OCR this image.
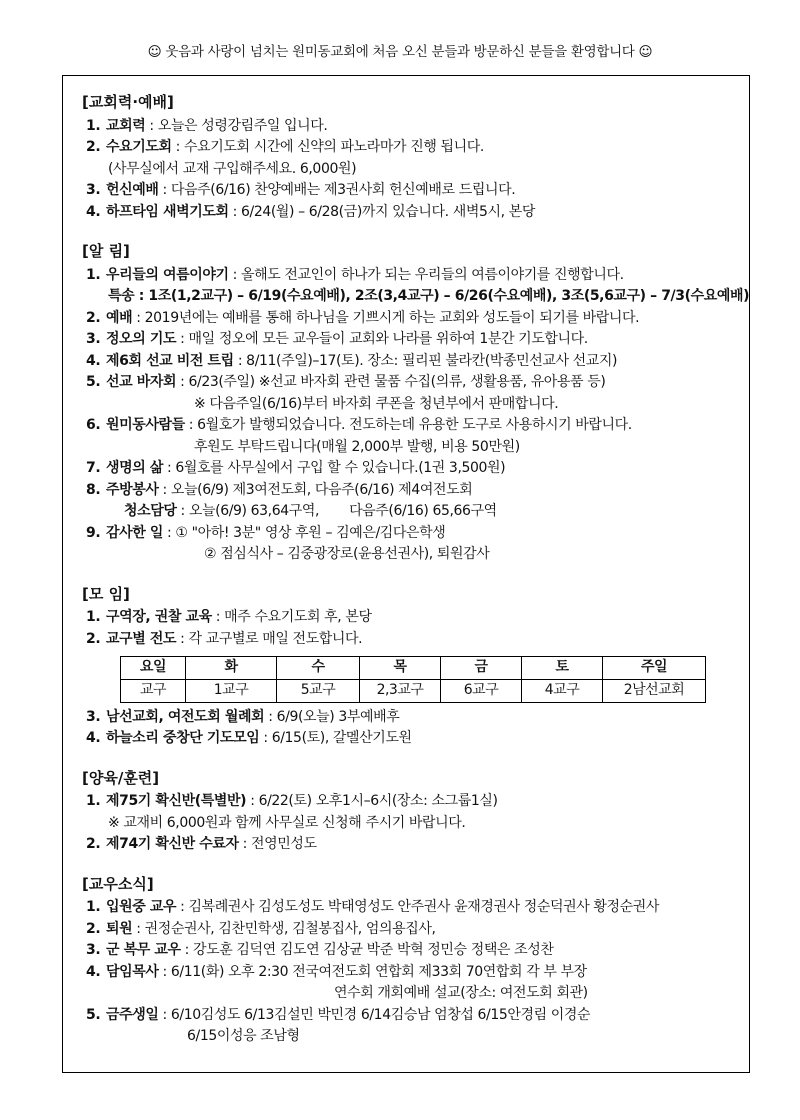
☺ 웃음과 사랑이 넘치는 원미동교회에 처음 오신 분들과 방문하신 분들을 환영합니다 ☺
[교회력·예배]
1. 교회력 : 오늘은 성령강림주일 입니다.
2. 수요기도회 : 수요기도회 시간에 신약의 파노라마가 진행 됩니다.
(사무실에서 교재 구입해주세요. 6,000원)
3. 헌신예배 : 다음주(6/16) 찬양예배는 제3권사회 헌신예배로 드립니다.
4. 하프타임 새벽기도회 : 6/24(월) – 6/28(금)까지 있습니다. 새벽5시, 본당
[알 림]
1. 우리들의 여름이야기 : 올해도 전교인이 하나가 되는 우리들의 여름이야기를 진행합니다.
특송 : 1조(1,2교구) – 6/19(수요예배), 2조(3,4교구) – 6/26(수요예배), 3조(5,6교구) – 7/3(수요예배)
2. 예배 : 2019년에는 예배를 통해 하나님을 기쁘시게 하는 교회와 성도들이 되기를 바랍니다.
3. 정오의 기도 : 매일 정오에 모든 교우들이 교회와 나라를 위하여 1분간 기도합니다.
4. 제6회 선교 비전 트립 : 8/11(주일)–17(토). 장소: 필리핀 불라칸(박종민선교사 선교지)
5. 선교 바자회 : 6/23(주일) ※선교 바자회 관련 물품 수집(의류, 생활용품, 유아용품 등)
※ 다음주일(6/16)부터 바자회 쿠폰을 청년부에서 판매합니다.
6. 원미동사람들 : 6월호가 발행되었습니다. 전도하는데 유용한 도구로 사용하시기 바랍니다.
후원도 부탁드립니다(매월 2,000부 발행, 비용 50만원)
7. 생명의 삶 : 6월호를 사무실에서 구입 할 수 있습니다.(1권 3,500원)
8. 주방봉사 : 오늘(6/9) 제3여전도회, 다음주(6/16) 제4여전도회
청소담당 : 오늘(6/9) 63,64구역, 다음주(6/16) 65,66구역
9. 감사한 일 : ① "아하! 3분" 영상 후원 – 김예은/김다은학생
② 점심식사 – 김중광장로(윤용선권사), 퇴원감사
[모 임]
1. 구역장, 권찰 교육 : 매주 수요기도회 후, 본당
2. 교구별 전도 : 각 교구별로 매일 전도합니다.
요일	화	수	목	금	토	주일
교구	1교구	5교구	2,3교구	6교구	4교구	2남선교회
3. 남선교회, 여전도회 월례회 : 6/9(오늘) 3부예배후
4. 하늘소리 중창단 기도모임 : 6/15(토), 갈멜산기도원
[양육/훈련]
1. 제75기 확신반(특별반) : 6/22(토) 오후1시–6시(장소: 소그룹1실)
※ 교재비 6,000원과 함께 사무실로 신청해 주시기 바랍니다.
2. 제74기 확신반 수료자 : 전영민성도
[교우소식]
1. 입원중 교우 : 김복례권사 김성도성도 박태영성도 안주권사 윤재경권사 정순덕권사 황정순권사
2. 퇴원 : 권정순권사, 김찬민학생, 김철봉집사, 엄의용집사,
3. 군 복무 교우 : 강도훈 김덕연 김도연 김상균 박준 박혁 정민승 정택은 조성찬
4. 담임목사 : 6/11(화) 오후 2:30 전국여전도회 연합회 제33회 70연합회 각 부 부장
연수회 개회예배 설교(장소: 여전도회 회관)
5. 금주생일 : 6/10김성도 6/13김설민 박민경 6/14김승남 엄창섭 6/15안경림 이경순
6/15이성응 조남형
